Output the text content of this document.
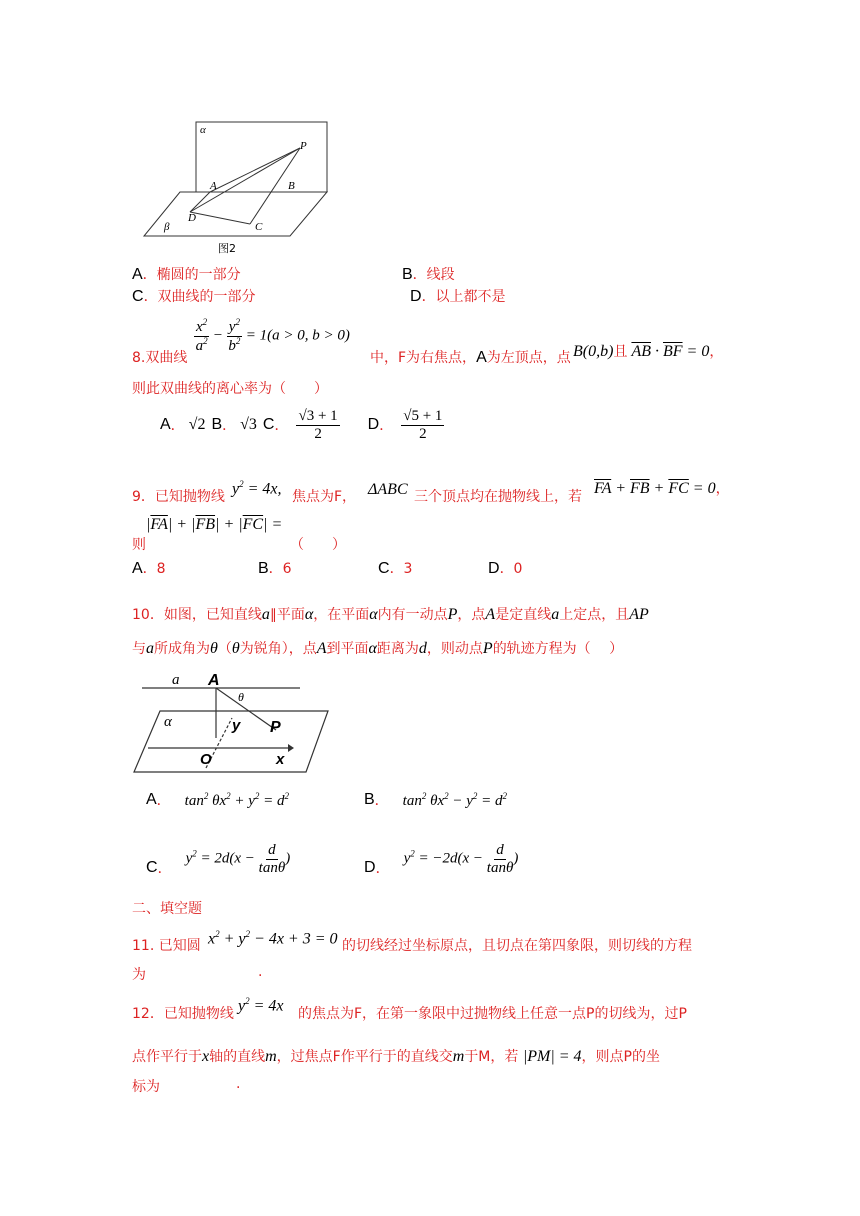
α
P
A	B
D
C
β
图2
A．椭圆的一部分	B．线段
C．双曲线的一部分	D．以上都不是
8.双曲线
$\frac{x^2}{a^2} - \frac{y^2}{b^2} = 1(a > 0$, b > 0)
中，F为右焦点，A为左顶点，点 B(0,b)且 $\overline{AB} \cdot \overline{BF} = 0$，
则此双曲线的离心率为（　　）
A ． √2 B ． √3 C ． $\frac{√3 + 1}{2}$ D ． $\frac{√5 + 1}{2}$
9．已知抛物线 $y^2 = 4x$, 焦点为F， ΔABC 三个顶点均在抛物线上，若 $\overline{FA} + \overline{FB} + \overline{FC} = 0$，
则
$|\overline{FA}| + |\overline{FB}| + |\overline{FC}|$ =
（　　）
A．8	B．6	C．3	D．0
10．如图，已知直线a∥平面α，在平面α内有一动点P，点A是定直线a上定点，且AP
与a所成角为θ（θ为锐角），点A到平面α距离为d，则动点P的轨迹方程为（　 ）
a A
θ
α	y P
O	x
A ． $\tan^2 \theta x^2 + y^2 = d^2$	B ． $\tan^2 \theta x^2 - y^2 = d^2$
C ．
$y^2 = 2d(x - \frac{d}{\tan\theta}$ )
D ．
$y^2 = -2d(x - \frac{d}{\tan\theta}$ )
二、填空题
11. 已知圆 $x^2 + y^2 - 4x + 3 = 0$ 的切线经过坐标原点，且切点在第四象限，则切线的方程
为	.
12．已知抛物线 $y^2 = 4x$ 的焦点为F，在第一象限中过抛物线上任意一点P的切线为，过P
点作平行于x轴的直线m，过焦点F作平行于的直线交m于M，若 |PM| = 4，则点P的坐
标为	.
